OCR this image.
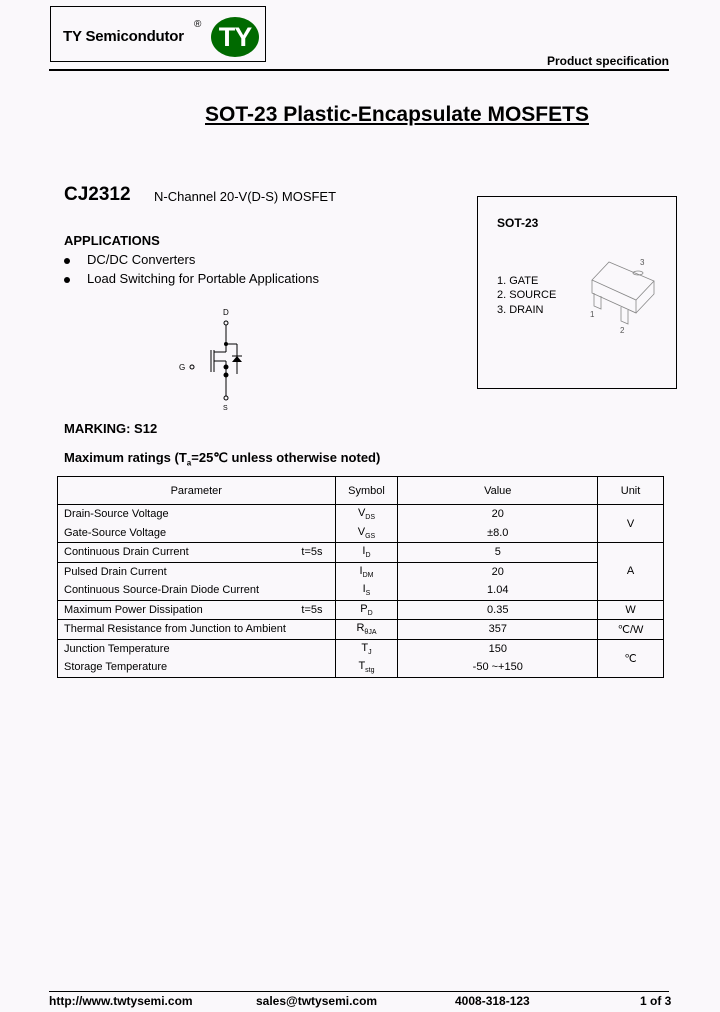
TY Semicondutor
® TY
Product specification
SOT-23 Plastic-Encapsulate MOSFETS
CJ2312 N-Channel 20-V(D-S) MOSFET
APPLICATIONS
DC/DC Converters
Load Switching for Portable Applications
D
G
S
SOT-23
1. GATE
2. SOURCE
3. DRAIN
3
1
2
MARKING: S12
Maximum ratings ($T_a=25℃$ unless otherwise noted)
Parameter	Symbol	Value	Unit
Drain-Source Voltage	$V_{DS}$	20	V
Gate-Source Voltage	$V_{GS}$	±8.0	
Continuous Drain Current t=5s	$I_D$	5	A
Pulsed Drain Current	$I_{DM}$	20	
Continuous Source-Drain Diode Current	$I_S$	1.04	
Maximum Power Dissipation t=5s	$P_D$	0.35	W
Thermal Resistance from Junction to Ambient	$R_{\theta JA}$	357	℃/W
Junction Temperature	$T_J$	150	℃
Storage Temperature	$T_{stg}$	-50 ~+150	
http://www.twtysemi.com	sales@twtysemi.com	4008-318-123	1 of 3
